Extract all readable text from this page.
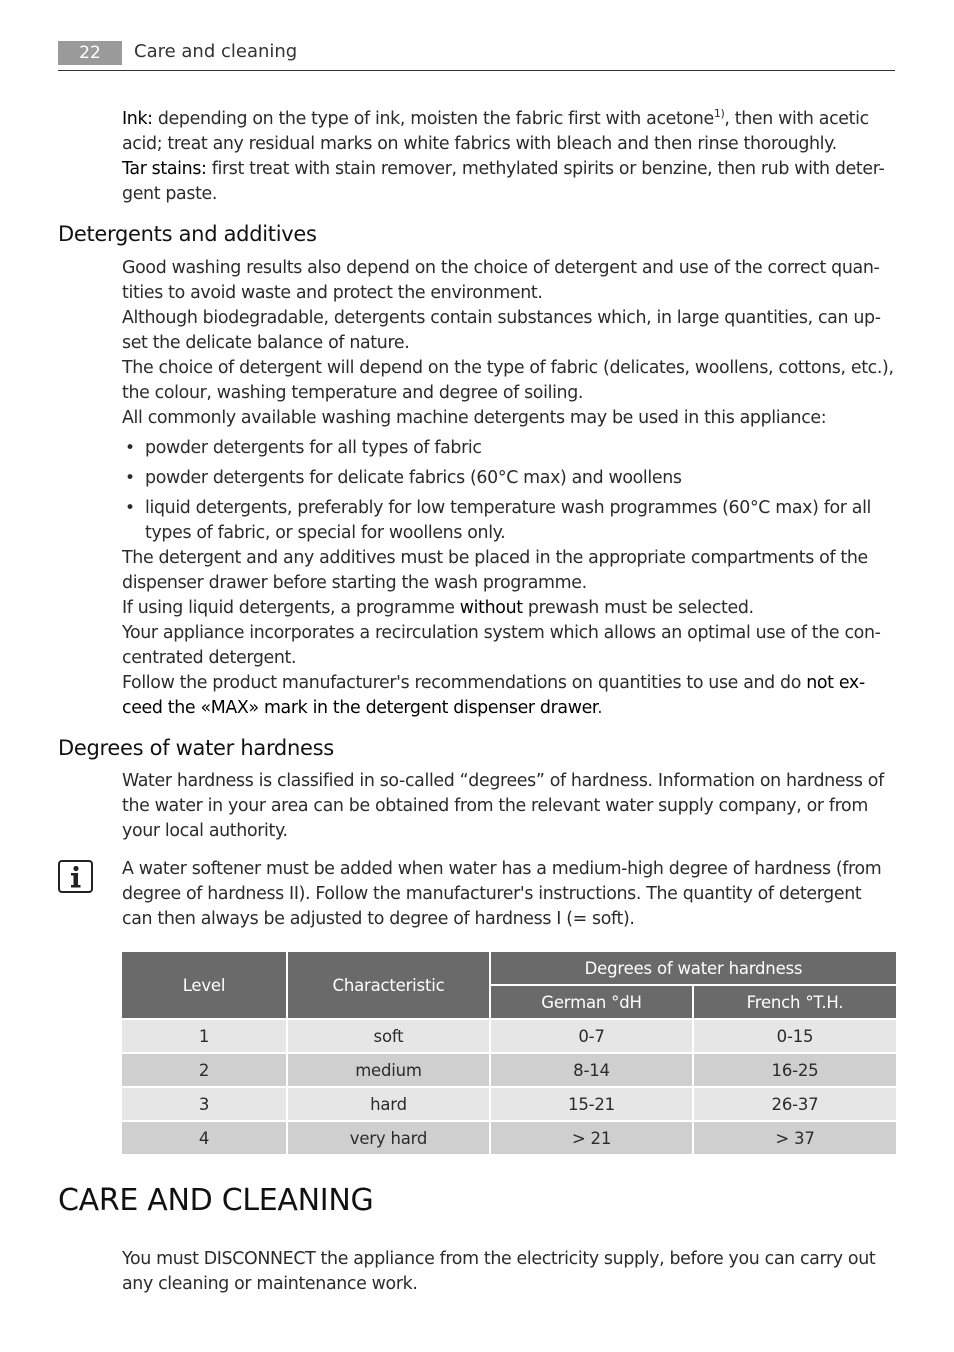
22	Care and cleaning

Ink: depending on the type of ink, moisten the fabric first with acetone$^{1)}$, then with acetic acid; treat any residual marks on white fabrics with bleach and then rinse thoroughly.

Tar stains: first treat with stain remover, methylated spirits or benzine, then rub with deter- gent paste.

Detergents and additives

Good washing results also depend on the choice of detergent and use of the correct quan- tities to avoid waste and protect the environment.

Although biodegradable, detergents contain substances which, in large quantities, can up- set the delicate balance of nature.

The choice of detergent will depend on the type of fabric (delicates, woollens, cottons, etc.), the colour, washing temperature and degree of soiling.

All commonly available washing machine detergents may be used in this appliance:

• powder detergents for all types of fabric
• powder detergents for delicate fabrics (60°C max) and woollens
• liquid detergents, preferably for low temperature wash programmes (60°C max) for all types of fabric, or special for woollens only.

The detergent and any additives must be placed in the appropriate compartments of the dispenser drawer before starting the wash programme.

If using liquid detergents, a programme without prewash must be selected.

Your appliance incorporates a recirculation system which allows an optimal use of the con- centrated detergent.

Follow the product manufacturer's recommendations on quantities to use and do not ex- ceed the «MAX» mark in the detergent dispenser drawer.

Degrees of water hardness

Water hardness is classified in so-called “degrees” of hardness. Information on hardness of the water in your area can be obtained from the relevant water supply company, or from your local authority.

A water softener must be added when water has a medium-high degree of hardness (from degree of hardness II). Follow the manufacturer's instructions. The quantity of detergent can then always be adjusted to degree of hardness I (= soft).

Level	Characteristic	Degrees of water hardness	
		German °dH	French °T.H.
1	soft	0-7	0-15
2	medium	8-14	16-25
3	hard	15-21	26-37
4	very hard	> 21	> 37
CARE AND CLEANING

You must DISCONNECT the appliance from the electricity supply, before you can carry out any cleaning or maintenance work.
